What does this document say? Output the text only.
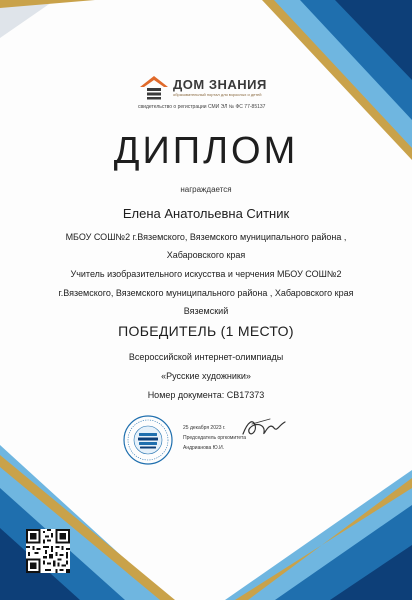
ДОМ ЗНАНИЯ
образовательный портал для взрослых и детей
свидетельство о регистрации СМИ ЭЛ № ФС 77-85137
ДИПЛОМ
награждается
Елена Анатольевна Ситник
МБОУ СОШ№2 г.Вяземского, Вяземского муниципального района ,
Хабаровского края
Учитель изобразительного искусства и черчения МБОУ СОШ№2
г.Вяземского, Вяземского муниципального района , Хабаровского края
Вяземский
ПОБЕДИТЕЛЬ (1 МЕСТО)
Всероссийской интернет-олимпиады
«Русские художники»
Номер документа: СВ17373
25 декабря 2023 г.
Председатель оргкомитета
Андрианова Ю.И.
